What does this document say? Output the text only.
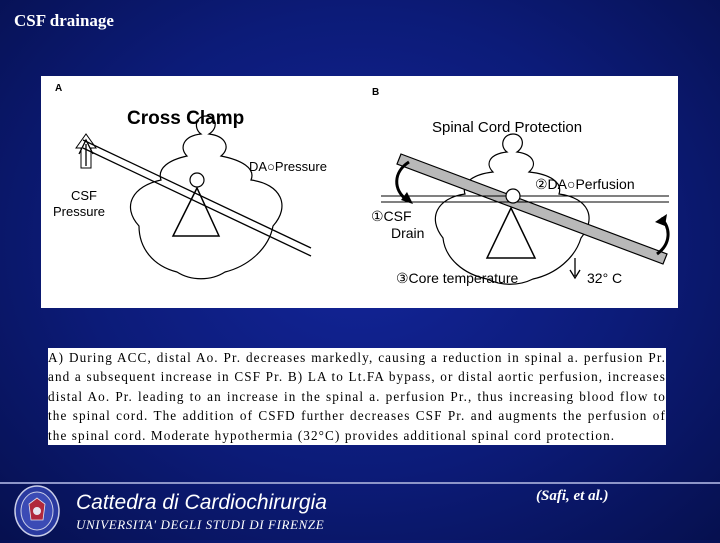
CSF drainage
A
Cross Clamp
CSF
Pressure
DA○Pressure
B
Spinal Cord Protection
②DA○Perfusion
①CSF
Drain
③Core temperature	32° C
A) During ACC, distal Ao. Pr. decreases markedly, causing a reduction in spinal a. perfusion Pr. and a subsequent increase in CSF Pr. B) LA to Lt.FA bypass, or distal aortic perfusion, increases distal Ao. Pr. leading to an increase in the spinal a. perfusion Pr., thus increasing blood flow to the spinal cord. The addition of CSFD further decreases CSF Pr. and augments the perfusion of the spinal cord. Moderate hypothermia (32°C) provides additional spinal cord protection.
Cattedra di Cardiochirurgia
UNIVERSITA' DEGLI STUDI DI FIRENZE
(Safi, et al.)
